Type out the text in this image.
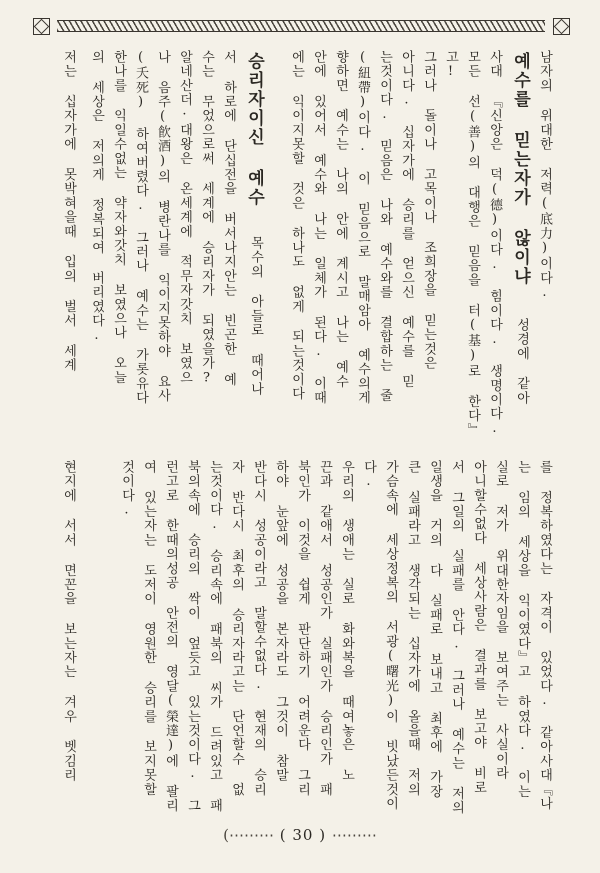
남자의 위대한 저력(底力)이다.
예수를 믿는자가 않이냐
성경에 같아
사대 『신앙은 덕(德)이다. 힘이다. 생명이다.
모든 선(善)의 대행은 믿음을 터(基)로 한다』
고!
그러나 돌이나 고목이나 조희장을 믿는것은
아니다. 십자가에 승리를 얻으신 예수를 믿
는것이다. 믿음은 나와 예수와를 결합하는 줄
(紐帶)이다. 이 믿음으로 말매암아 예수의게
향하면 예수는 나의 안에 계시고 나는 예수
안에 있어서 예수와 나는 일체가 된다. 이때
에는 익이지못할 것은 하나도 없게 되는것이다
승리자이신 예수
목수의 아들로 때어나
서 하로에 단십전을 버서나지안는 빈곤한 예
수는 무었으로써 세계에 승리자가 되였을가?
알네산더·대왕은 온세계에 적무자갓치 보였으
나 음주(飮酒)의 병란나를 익이지못하야 요사
(夭死) 하여버렸다. 그러나 예수는 가롯유다
한나를 익일수없는 약자와갓치 보였으나 오늘
의 세상은 저의게 정복되여 버리였다.
저는 십자가에 못박혀을때 입의 벌서 세계
를 정복하였다는 자격이 있었다. 같아사대『나
는 임의 세상을 익이였다』고 하였다. 이는
실로 저가 위대한자임을 보여주는 사실이라
아니할수없다 세상사람은 결과를 보고야 비로
서 그일의 실패를 안다. 그러나 예수는 저의
일생을 거의 다 실패로 보내고 최후에 가장
큰 실패라고 생각되는 십자가에 올을때 저의
가슴속에 세상정복의 서광(曙光)이 빗났든것이
다.
우리의 생애는 실로 화와복을 때여놓은 노
끈과 같애서 성공인가 실패인가 승리인가 패
북인가 이것을 쉽게 판단하기 어려운다 그리
하야 눈앞에 성공을 본자라도 그것이 참말
반다시 성공이라고 말할수없다. 현재의 승리
자 반다시 최후의 승리자라고는 단언할수 없
는것이다. 승리속에 패북의 씨가 드려있고 패
북의속에 승리의 싹이 엎듯고 있는것이다. 그
런고로 한때의성공 안전의 영달(榮達)에 팔리
여 있는자는 도저이 영원한 승리를 보지못할
것이다.
현지에 서서 면꼰을 보는자는 겨우 벳김리
(⋯⋯⋯ ( 30 ) ⋯⋯⋯
